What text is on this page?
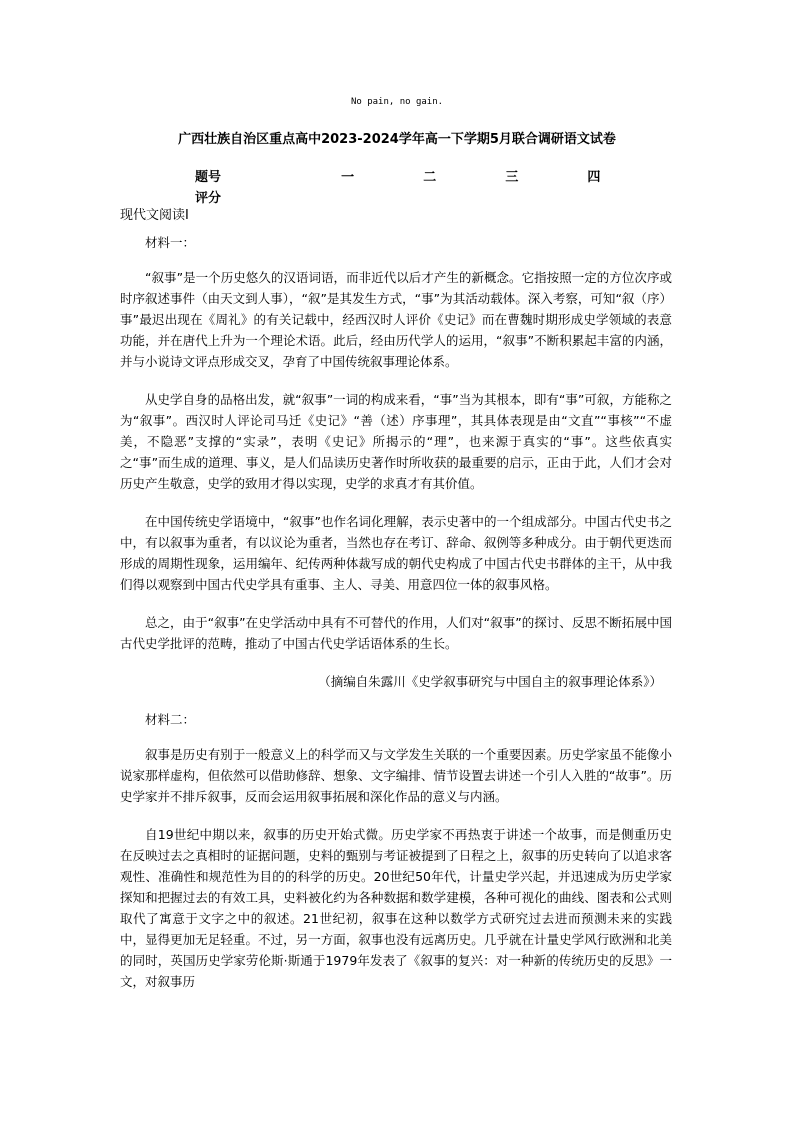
No pain, no gain.
广西壮族自治区重点高中2023-2024学年高一下学期5月联合调研语文试卷
题号	一	二	三	四
评分				
现代文阅读Ⅰ

材料一：

“叙事”是一个历史悠久的汉语词语，而非近代以后才产生的新概念。它指按照一定的方位次序或时序叙述事件（由天文到人事），“叙”是其发生方式，“事”为其活动载体。深入考察，可知“叙（序）事”最迟出现在《周礼》的有关记载中，经西汉时人评价《史记》而在曹魏时期形成史学领域的表意功能，并在唐代上升为一个理论术语。此后，经由历代学人的运用，“叙事”不断积累起丰富的内涵，并与小说诗文评点形成交叉，孕育了中国传统叙事理论体系。

从史学自身的品格出发，就“叙事”一词的构成来看，“事”当为其根本，即有“事”可叙，方能称之为“叙事”。西汉时人评论司马迁《史记》“善（述）序事理”，其具体表现是由“文直”“事核”“不虚美，不隐恶”支撑的“实录”，表明《史记》所揭示的“理”，也来源于真实的“事”。这些依真实之“事”而生成的道理、事义，是人们品读历史著作时所收获的最重要的启示，正由于此，人们才会对历史产生敬意，史学的致用才得以实现，史学的求真才有其价值。

在中国传统史学语境中，“叙事”也作名词化理解，表示史著中的一个组成部分。中国古代史书之中，有以叙事为重者，有以议论为重者，当然也存在考订、辞命、叙例等多种成分。由于朝代更迭而形成的周期性现象，运用编年、纪传两种体裁写成的朝代史构成了中国古代史书群体的主干，从中我们得以观察到中国古代史学具有重事、主人、寻美、用意四位一体的叙事风格。

总之，由于“叙事”在史学活动中具有不可替代的作用，人们对“叙事”的探讨、反思不断拓展中国古代史学批评的范畴，推动了中国古代史学话语体系的生长。

（摘编自朱露川《史学叙事研究与中国自主的叙事理论体系》）

材料二：

叙事是历史有别于一般意义上的科学而又与文学发生关联的一个重要因素。历史学家虽不能像小说家那样虚构，但依然可以借助修辞、想象、文字编排、情节设置去讲述一个引人入胜的“故事”。历史学家并不排斥叙事，反而会运用叙事拓展和深化作品的意义与内涵。

自19世纪中期以来，叙事的历史开始式微。历史学家不再热衷于讲述一个故事，而是侧重历史在反映过去之真相时的证据问题，史料的甄别与考证被提到了日程之上，叙事的历史转向了以追求客观性、准确性和规范性为目的的科学的历史。20世纪50年代，计量史学兴起，并迅速成为历史学家探知和把握过去的有效工具，史料被化约为各种数据和数学建模，各种可视化的曲线、图表和公式则取代了寓意于文字之中的叙述。21世纪初，叙事在这种以数学方式研究过去进而预测未来的实践中，显得更加无足轻重。不过，另一方面，叙事也没有远离历史。几乎就在计量史学风行欧洲和北美的同时，英国历史学家劳伦斯·斯通于1979年发表了《叙事的复兴：对一种新的传统历史的反思》一文，对叙事历
